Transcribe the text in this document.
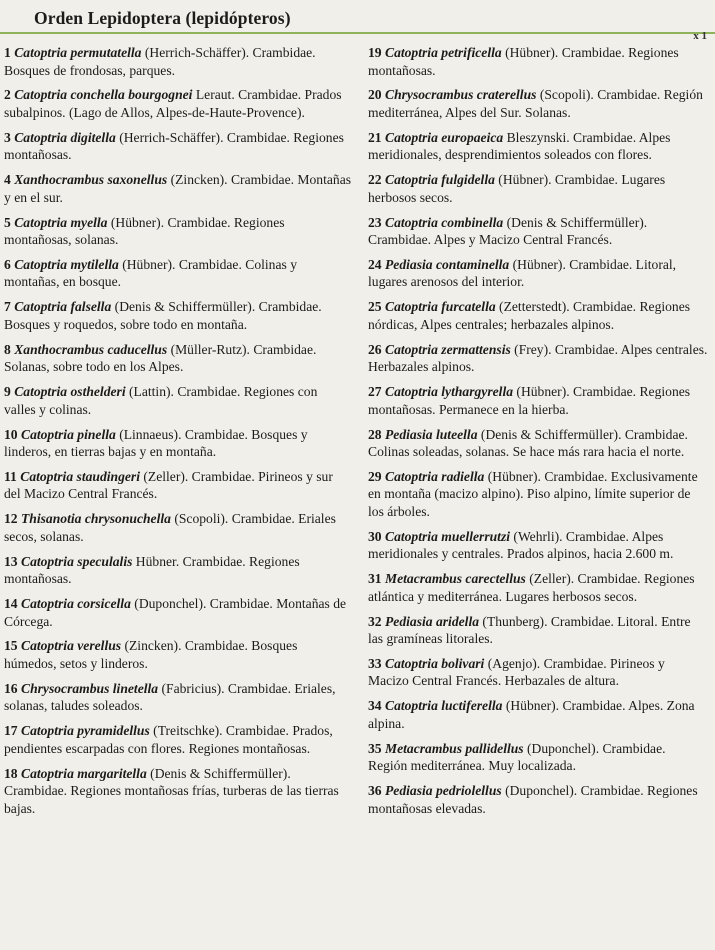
Orden Lepidoptera (lepidópteros)
x 1

1 Catoptria permutatella (Herrich-Schäffer). Crambidae. Bosques de frondosas, parques.

2 Catoptria conchella bourgognei Leraut. Crambidae. Prados subalpinos. (Lago de Allos, Alpes-de-Haute-Provence).

3 Catoptria digitella (Herrich-Schäffer). Crambidae. Regiones montañosas.

4 Xanthocrambus saxonellus (Zincken). Crambidae. Montañas y en el sur.

5 Catoptria myella (Hübner). Crambidae. Regiones montañosas, solanas.

6 Catoptria mytilella (Hübner). Crambidae. Colinas y montañas, en bosque.

7 Catoptria falsella (Denis & Schiffermüller). Crambidae. Bosques y roquedos, sobre todo en montaña.

8 Xanthocrambus caducellus (Müller-Rutz). Crambidae. Solanas, sobre todo en los Alpes.

9 Catoptria osthelderi (Lattin). Crambidae. Regiones con valles y colinas.

10 Catoptria pinella (Linnaeus). Crambidae. Bosques y linderos, en tierras bajas y en montaña.

11 Catoptria staudingeri (Zeller). Crambidae. Pirineos y sur del Macizo Central Francés.

12 Thisanotia chrysonuchella (Scopoli). Crambidae. Eriales secos, solanas.

13 Catoptria speculalis Hübner. Crambidae. Regiones montañosas.

14 Catoptria corsicella (Duponchel). Crambidae. Montañas de Córcega.

15 Catoptria verellus (Zincken). Crambidae. Bosques húmedos, setos y linderos.

16 Chrysocrambus linetella (Fabricius). Crambidae. Eriales, solanas, taludes soleados.

17 Catoptria pyramidellus (Treitschke). Crambidae. Prados, pendientes escarpadas con flores. Regiones montañosas.

18 Catoptria margaritella (Denis & Schiffermüller). Crambidae. Regiones montañosas frías, turberas de las tierras bajas.

19 Catoptria petrificella (Hübner). Crambidae. Regiones montañosas.

20 Chrysocrambus craterellus (Scopoli). Crambidae. Región mediterránea, Alpes del Sur. Solanas.

21 Catoptria europaeica Bleszynski. Crambidae. Alpes meridionales, desprendimientos soleados con flores.

22 Catoptria fulgidella (Hübner). Crambidae. Lugares herbosos secos.

23 Catoptria combinella (Denis & Schiffermüller). Crambidae. Alpes y Macizo Central Francés.

24 Pediasia contaminella (Hübner). Crambidae. Litoral, lugares arenosos del interior.

25 Catoptria furcatella (Zetterstedt). Crambidae. Regiones nórdicas, Alpes centrales; herbazales alpinos.

26 Catoptria zermattensis (Frey). Crambidae. Alpes centrales. Herbazales alpinos.

27 Catoptria lythargyrella (Hübner). Crambidae. Regiones montañosas. Permanece en la hierba.

28 Pediasia luteella (Denis & Schiffermüller). Crambidae. Colinas soleadas, solanas. Se hace más rara hacia el norte.

29 Catoptria radiella (Hübner). Crambidae. Exclusivamente en montaña (macizo alpino). Piso alpino, límite superior de los árboles.

30 Catoptria muellerrutzi (Wehrli). Crambidae. Alpes meridionales y centrales. Prados alpinos, hacia 2.600 m.

31 Metacrambus carectellus (Zeller). Crambidae. Regiones atlántica y mediterránea. Lugares herbosos secos.

32 Pediasia aridella (Thunberg). Crambidae. Litoral. Entre las gramíneas litorales.

33 Catoptria bolivari (Agenjo). Crambidae. Pirineos y Macizo Central Francés. Herbazales de altura.

34 Catoptria luctiferella (Hübner). Crambidae. Alpes. Zona alpina.

35 Metacrambus pallidellus (Duponchel). Crambidae. Región mediterránea. Muy localizada.

36 Pediasia pedriolellus (Duponchel). Crambidae. Regiones montañosas elevadas.
